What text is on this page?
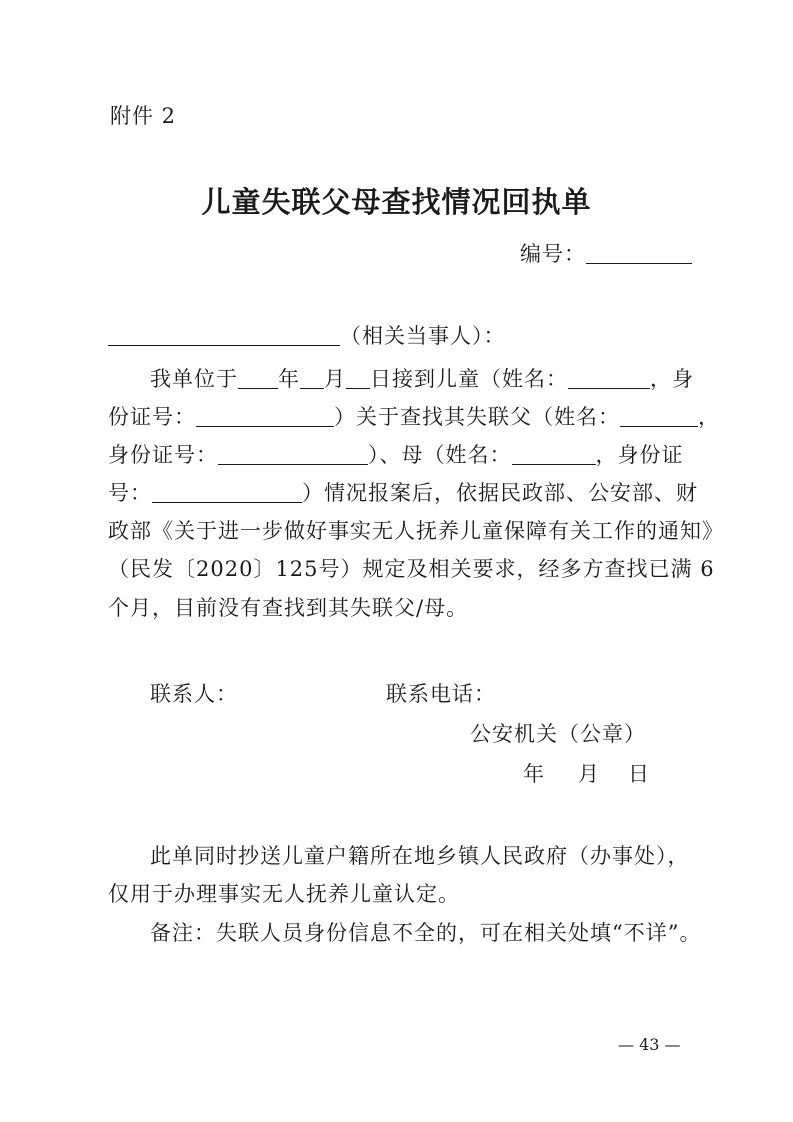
附件 2
儿童失联父母查找情况回执单
编号：
（相关当事人）：
我单位于 年 月 日接到儿童（姓名：	，身
份证号：	）关于查找其失联父（姓名：	，
身份证号：	）、母（姓名：	，身份证
号：	）情况报案后，依据民政部、公安部、财
政部《关于进一步做好事实无人抚养儿童保障有关工作的通知》
（民发〔2020〕125号）规定及相关要求，经多方查找已满 6
个月，目前没有查找到其失联父/母。
联系人：	联系电话：
公安机关（公章）
年 月 日
此单同时抄送儿童户籍所在地乡镇人民政府（办事处），
仅用于办理事实无人抚养儿童认定。
备注：失联人员身份信息不全的，可在相关处填“不详”。
— 43 —
